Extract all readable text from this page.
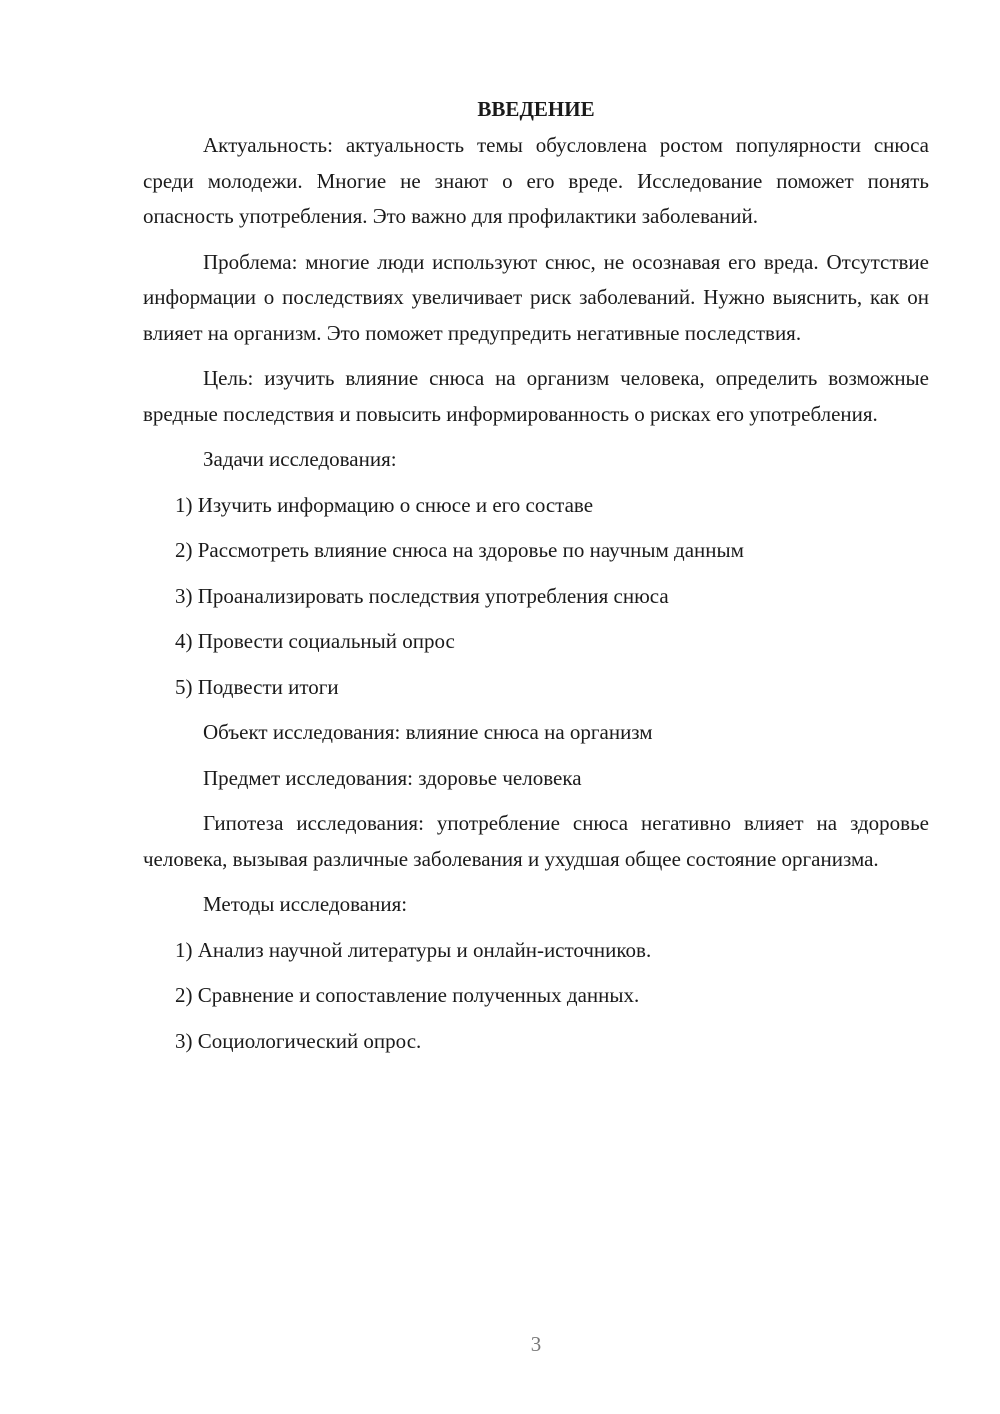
ВВЕДЕНИЕ

Актуальность: актуальность темы обусловлена ростом популярности снюса среди молодежи. Многие не знают о его вреде. Исследование поможет понять опасность употребления. Это важно для профилактики заболеваний.

Проблема: многие люди используют снюс, не осознавая его вреда. Отсутствие информации о последствиях увеличивает риск заболеваний. Нужно выяснить, как он влияет на организм. Это поможет предупредить негативные последствия.

Цель: изучить влияние снюса на организм человека, определить возможные вредные последствия и повысить информированность о рисках его употребления.

Задачи исследования:

1) Изучить информацию о снюсе и его составе

2) Рассмотреть влияние снюса на здоровье по научным данным

3) Проанализировать последствия употребления снюса

4) Провести социальный опрос

5) Подвести итоги

Объект исследования: влияние снюса на организм

Предмет исследования: здоровье человека

Гипотеза исследования: употребление снюса негативно влияет на здоровье человека, вызывая различные заболевания и ухудшая общее состояние организма.

Методы исследования:

1) Анализ научной литературы и онлайн-источников.

2) Сравнение и сопоставление полученных данных.

3) Социологический опрос.

3
